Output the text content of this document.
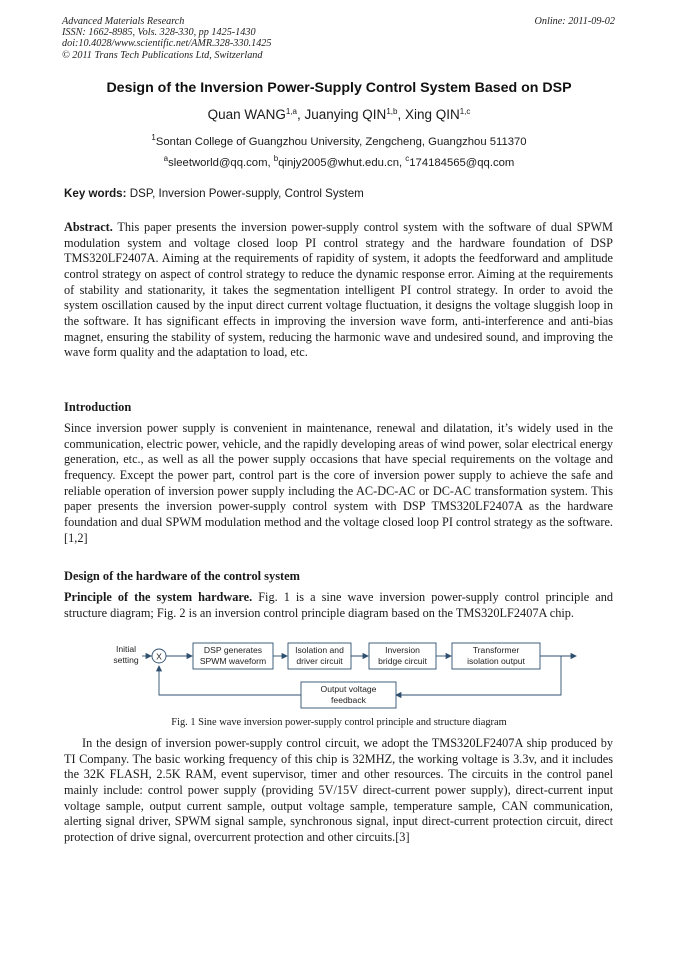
Advanced Materials Research
ISSN: 1662-8985, Vols. 328-330, pp 1425-1430
doi:10.4028/www.scientific.net/AMR.328-330.1425
© 2011 Trans Tech Publications Ltd, Switzerland
Online: 2011-09-02
Design of the Inversion Power-Supply Control System Based on DSP
Quan WANG$^{1,a}$, Juanying QIN$^{1,b}$, Xing QIN$^{1,c}$
$^1$Sontan College of Guangzhou University, Zengcheng, Guangzhou 511370
$^a$sleetworld@qq.com, $^b$qinjy2005@whut.edu.cn, $^c$174184565@qq.com
Key words: DSP, Inversion Power-supply, Control System
Abstract. This paper presents the inversion power-supply control system with the software of dual SPWM modulation system and voltage closed loop PI control strategy and the hardware foundation of DSP TMS320LF2407A. Aiming at the requirements of rapidity of system, it adopts the feedforward and amplitude control strategy on aspect of control strategy to reduce the dynamic response error. Aiming at the requirements of stability and stationarity, it takes the segmentation intelligent PI control strategy. In order to avoid the system oscillation caused by the input direct current voltage fluctuation, it designs the voltage sluggish loop in the software. It has significant effects in improving the inversion wave form, anti-interference and anti-bias magnet, ensuring the stability of system, reducing the harmonic wave and undesired sound, and improving the wave form quality and the adaptation to load, etc.
Introduction
Since inversion power supply is convenient in maintenance, renewal and dilatation, it’s widely used in the communication, electric power, vehicle, and the rapidly developing areas of wind power, solar electrical energy generation, etc., as well as all the power supply occasions that have special requirements on the voltage and frequency. Except the power part, control part is the core of inversion power supply to achieve the safe and reliable operation of inversion power supply including the AC-DC-AC or DC-AC transformation system. This paper presents the inversion power-supply control system with DSP TMS320LF2407A as the hardware foundation and dual SPWM modulation method and the voltage closed loop PI control strategy as the software.[1,2]
Design of the hardware of the control system
Principle of the system hardware. Fig. 1 is a sine wave inversion power-supply control principle and structure diagram; Fig. 2 is an inversion control principle diagram based on the TMS320LF2407A chip.
X
Initial
setting
DSP generates
SPWM waveform
Isolation and
driver circuit
Inversion
bridge circuit
Transformer
isolation output
Output voltage
feedback
Fig. 1 Sine wave inversion power-supply control principle and structure diagram
In the design of inversion power-supply control circuit, we adopt the TMS320LF2407A ship produced by TI Company. The basic working frequency of this chip is 32MHZ, the working voltage is 3.3v, and it includes the 32K FLASH, 2.5K RAM, event supervisor, timer and other resources. The circuits in the control panel mainly include: control power supply (providing 5V/15V direct-current power supply), direct-current input voltage sample, output current sample, output voltage sample, temperature sample, CAN communication, alerting signal driver, SPWM signal sample, synchronous signal, input direct-current protection circuit, direct protection of drive signal, overcurrent protection and other circuits.[3]
